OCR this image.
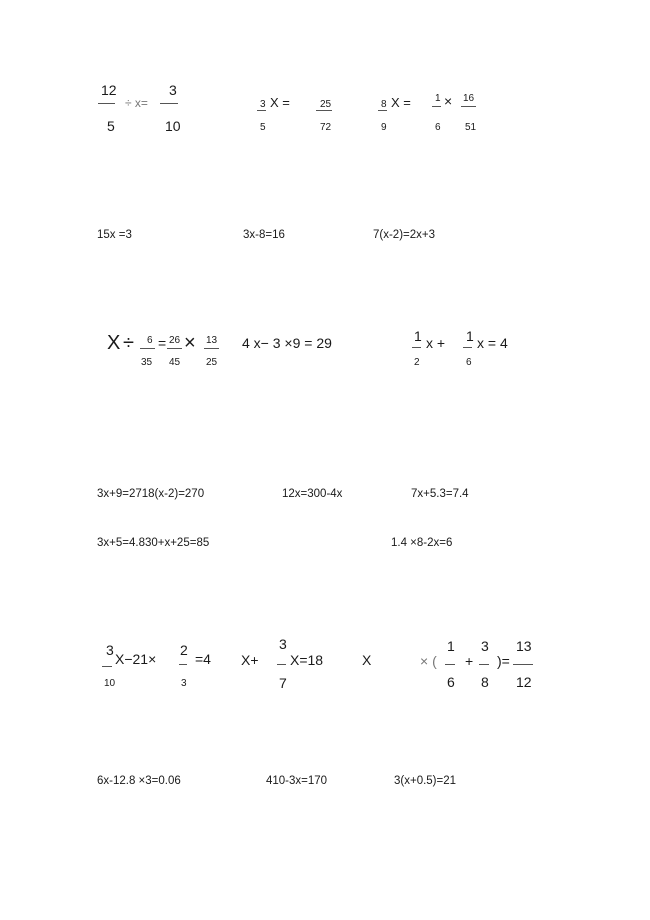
12
5
÷ x=
3
10
3
5
X =	25
72
8
9
X = 1
6
× 16
51
15x =3	3x-8=16	7(x-2)=2x+3
X ÷ 6
35
= 26
45
× 13
25
4 x− 3 ×9 = 29	1
2
x + 1
6
x = 4
3x+9=2718(x-2)=270	12x=300-4x	7x+5.3=7.4
3x+5=4.830+x+25=85	1.4 ×8-2x=6
3
10
X−21×
2
3
=4 X+
3
7
X=18	X	× (
1
6
+
3
8
)=
13
12
6x-12.8 ×3=0.06	410-3x=170	3(x+0.5)=21
